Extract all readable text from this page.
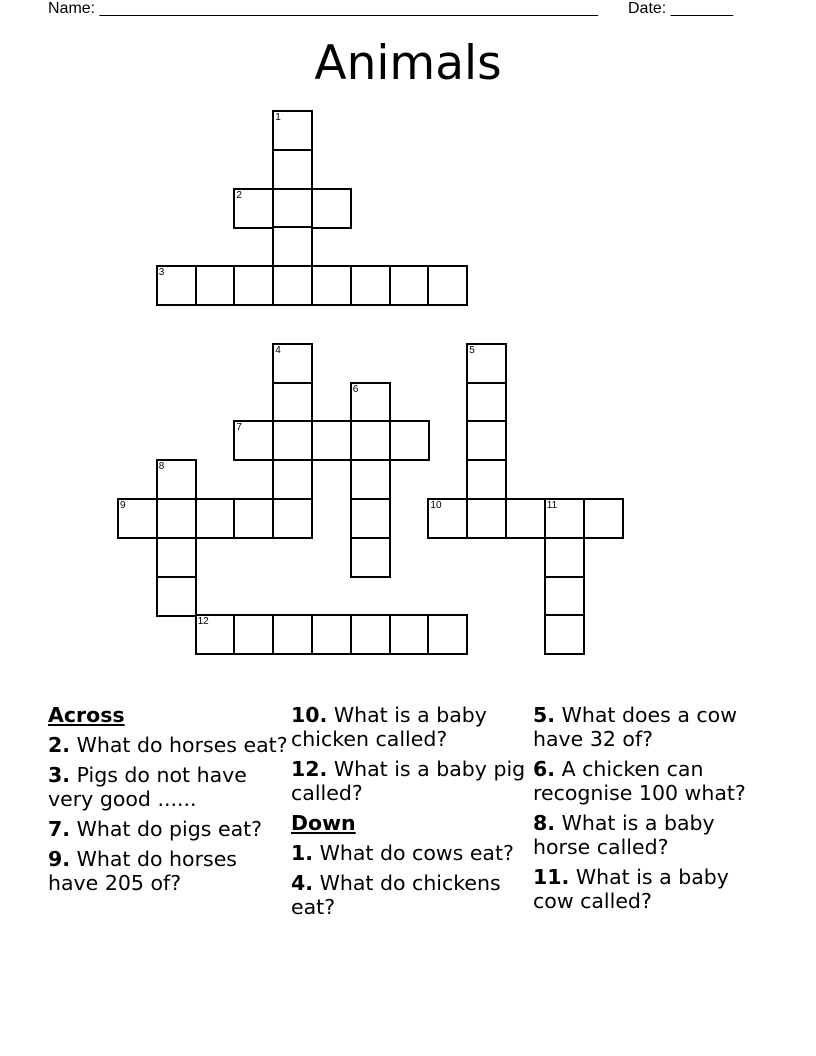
Name: ________________________________________________________ Date: _______
Animals
1
2
3
4	5
6
7
8
9	10	11
12
Across
2. What do horses eat?
3. Pigs do not have very good ......
7. What do pigs eat?
9. What do horses have 205 of?
10. What is a baby chicken called?
12. What is a baby pig called?
Down
1. What do cows eat?
4. What do chickens eat?
5. What does a cow have 32 of?
6. A chicken can recognise 100 what?
8. What is a baby horse called?
11. What is a baby cow called?
